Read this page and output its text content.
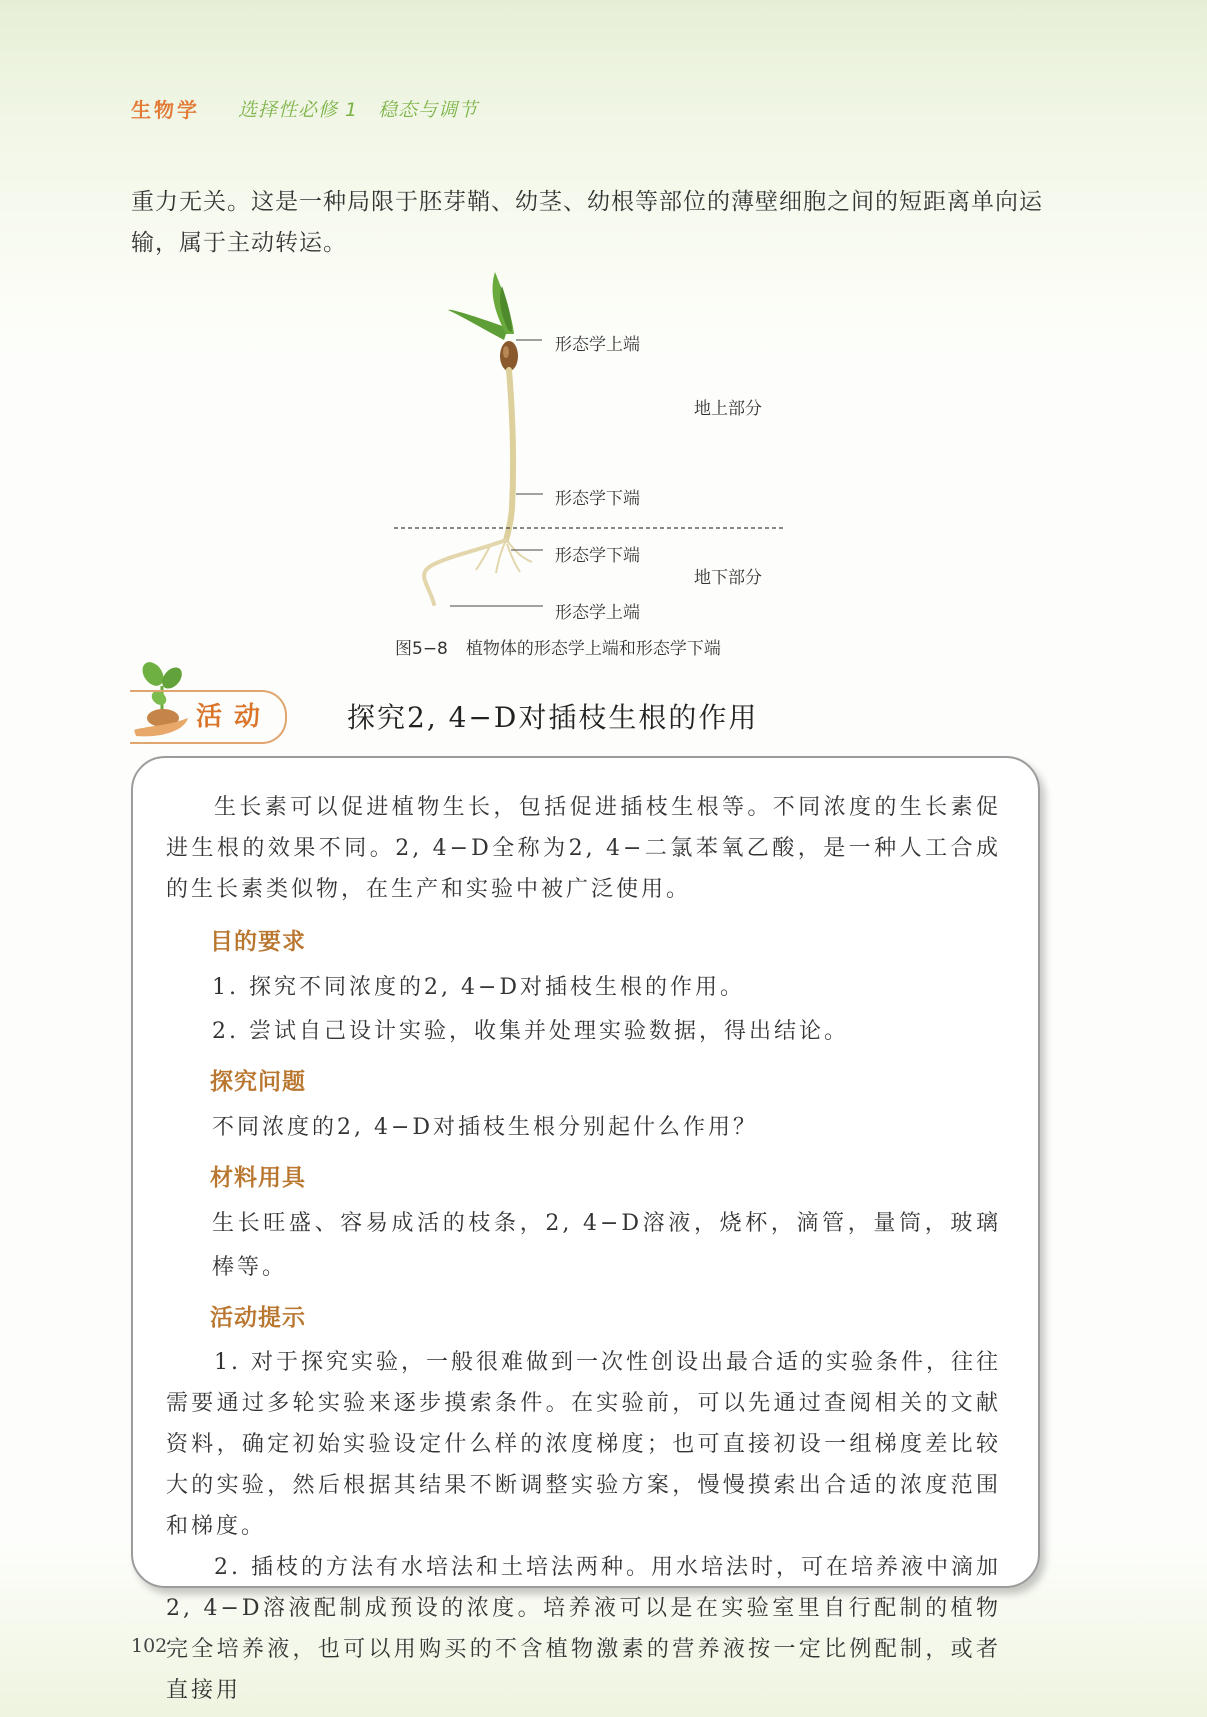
生物学 选择性必修 1　稳态与调节

重力无关。这是一种局限于胚芽鞘、幼茎、幼根等部位的薄壁细胞之间的短距离单向运输，属于主动转运。

形态学上端
地上部分
形态学下端
形态学下端
地下部分
形态学上端
图5−8 植物体的形态学上端和形态学下端
活动	探究2, 4−D对插枝生根的作用

生长素可以促进植物生长，包括促进插枝生根等。不同浓度的生长素促进生根的效果不同。2, 4−D全称为2, 4−二氯苯氧乙酸，是一种人工合成的生长素类似物，在生产和实验中被广泛使用。

目的要求

1. 探究不同浓度的2, 4−D对插枝生根的作用。

2. 尝试自己设计实验，收集并处理实验数据，得出结论。

探究问题

不同浓度的2, 4−D对插枝生根分别起什么作用？

材料用具

生长旺盛、容易成活的枝条，2, 4−D溶液，烧杯，滴管，量筒，玻璃棒等。

活动提示

1. 对于探究实验，一般很难做到一次性创设出最合适的实验条件，往往需要通过多轮实验来逐步摸索条件。在实验前，可以先通过查阅相关的文献资料，确定初始实验设定什么样的浓度梯度；也可直接初设一组梯度差比较大的实验，然后根据其结果不断调整实验方案，慢慢摸索出合适的浓度范围和梯度。

2. 插枝的方法有水培法和土培法两种。用水培法时，可在培养液中滴加2, 4−D溶液配制成预设的浓度。培养液可以是在实验室里自行配制的植物完全培养液，也可以用购买的不含植物激素的营养液按一定比例配制，或者直接用

102
